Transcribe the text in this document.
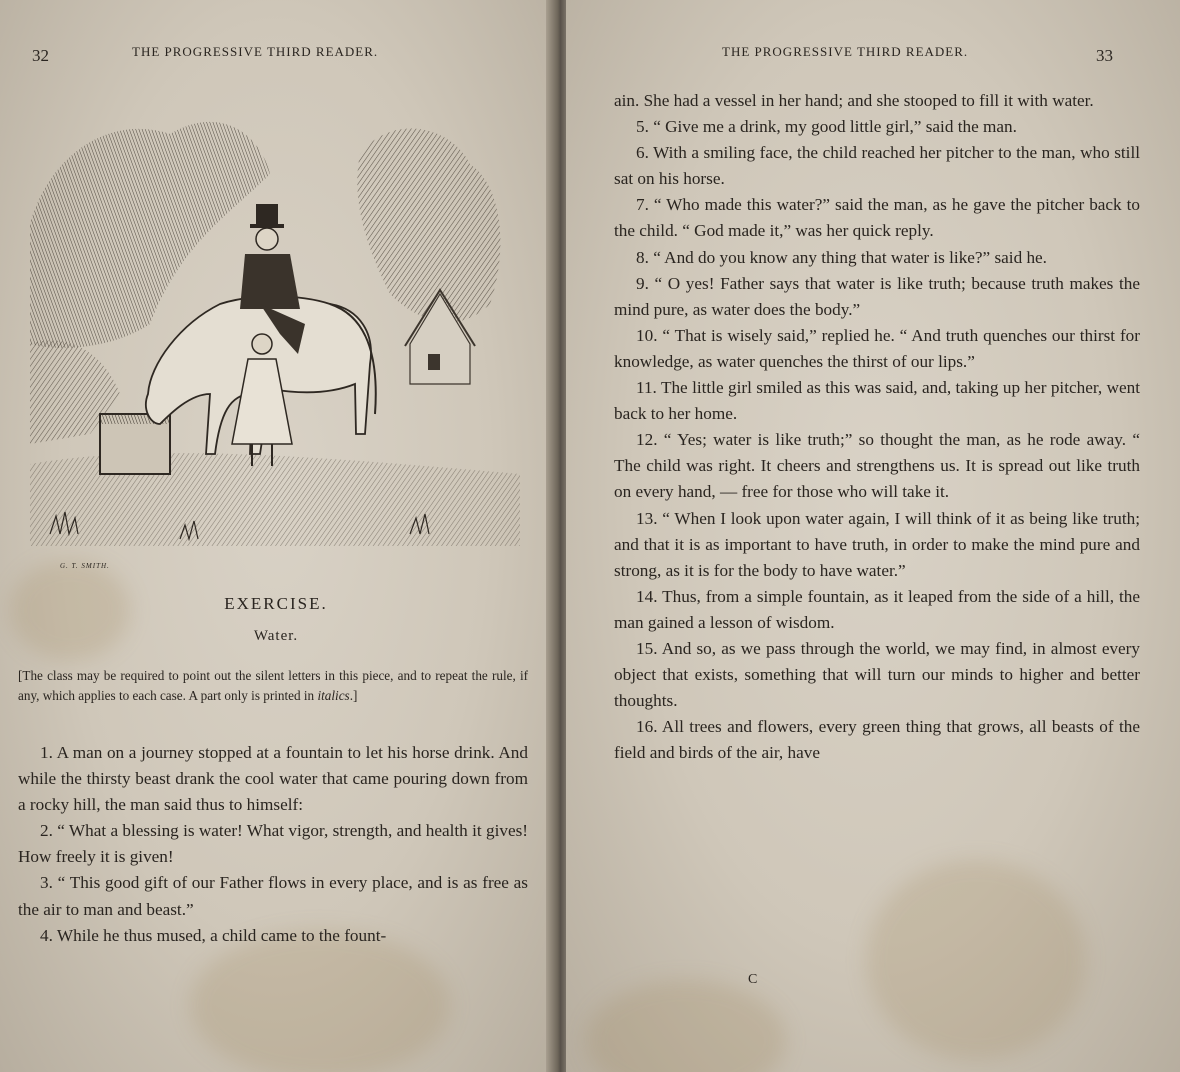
32	THE PROGRESSIVE THIRD READER.
G. T. SMITH.
EXERCISE.
Water.
[The class may be required to point out the silent letters in this piece, and to repeat the rule, if any, which applies to each case. A part only is printed in italics.]

1. A man on a journey stopped at a fountain to let his horse drink. And while the thirsty beast drank the cool water that came pouring down from a rocky hill, the man said thus to himself:

2. “ What a blessing is water! What vigor, strength, and health it gives! How freely it is given!

3. “ This good gift of our Father flows in every place, and is as free as the air to man and beast.”

4. While he thus mused, a child came to the fount-

THE PROGRESSIVE THIRD READER.	33

ain. She had a vessel in her hand; and she stooped to fill it with water.

5. “ Give me a drink, my good little girl,” said the man.

6. With a smiling face, the child reached her pitcher to the man, who still sat on his horse.

7. “ Who made this water?” said the man, as he gave the pitcher back to the child. “ God made it,” was her quick reply.

8. “ And do you know any thing that water is like?” said he.

9. “ O yes! Father says that water is like truth; because truth makes the mind pure, as water does the body.”

10. “ That is wisely said,” replied he. “ And truth quenches our thirst for knowledge, as water quenches the thirst of our lips.”

11. The little girl smiled as this was said, and, taking up her pitcher, went back to her home.

12. “ Yes; water is like truth;” so thought the man, as he rode away. “ The child was right. It cheers and strengthens us. It is spread out like truth on every hand, — free for those who will take it.

13. “ When I look upon water again, I will think of it as being like truth; and that it is as important to have truth, in order to make the mind pure and strong, as it is for the body to have water.”

14. Thus, from a simple fountain, as it leaped from the side of a hill, the man gained a lesson of wisdom.

15. And so, as we pass through the world, we may find, in almost every object that exists, something that will turn our minds to higher and better thoughts.

16. All trees and flowers, every green thing that grows, all beasts of the field and birds of the air, have

C
